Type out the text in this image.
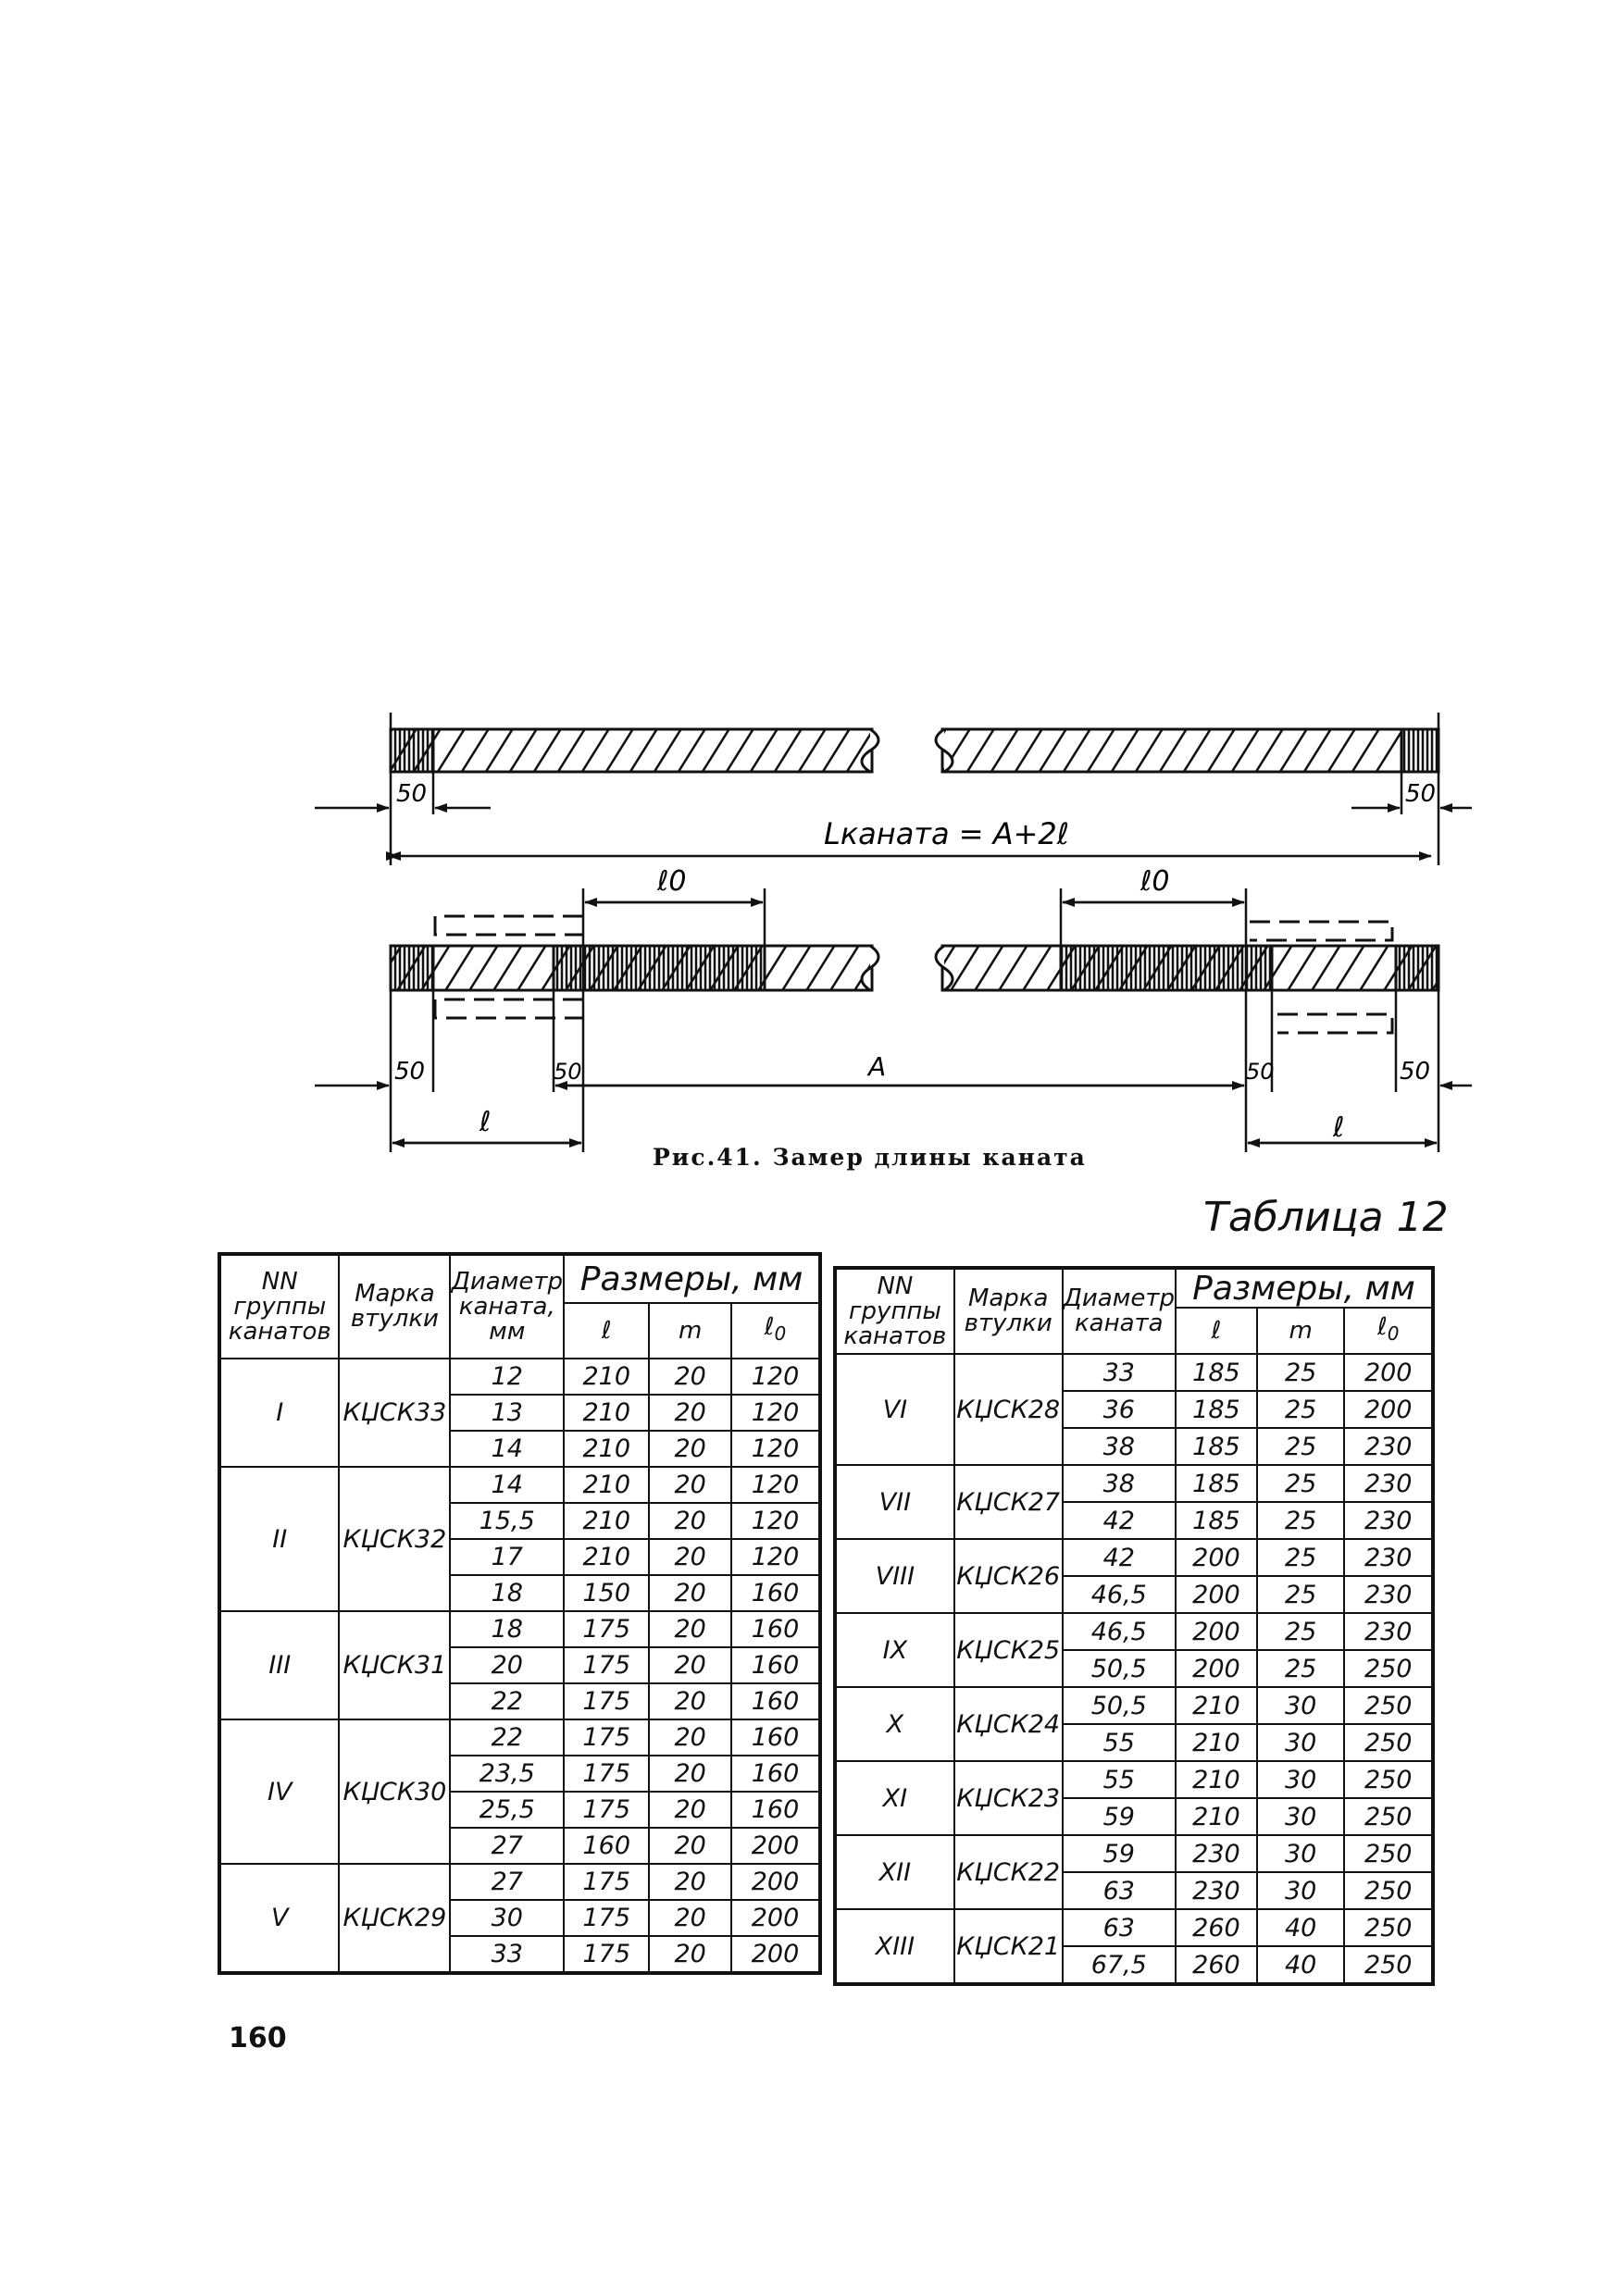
50	50
Lканата = A+2ℓ
ℓ0	ℓ0
50	50	50	50
A
ℓ	ℓ
Рис.41. Замер длины каната
Таблица 12
NN группы канатов	Марка втулки	Диаметр каната, мм	Размеры, мм		
			ℓ	m	ℓ$_0$
I	КЏСК33	12	210	20	120
		13	210	20	120
		14	210	20	120
II	КЏСК32	14	210	20	120
		15,5	210	20	120
		17	210	20	120
		18	150	20	160
III	КЏСК31	18	175	20	160
		20	175	20	160
		22	175	20	160
IV	КЏСК30	22	175	20	160
		23,5	175	20	160
		25,5	175	20	160
		27	160	20	200
V	КЏСК29	27	175	20	200
		30	175	20	200
		33	175	20	200
NN группы канатов	Марка втулки	Диаметр каната	Размеры, мм		
			ℓ	m	ℓ$_0$
VI	КЏСК28	33	185	25	200
		36	185	25	200
		38	185	25	230
VII	КЏСК27	38	185	25	230
		42	185	25	230
VIII	КЏСК26	42	200	25	230
		46,5	200	25	230
IX	КЏСК25	46,5	200	25	230
		50,5	200	25	250
X	КЏСК24	50,5	210	30	250
		55	210	30	250
XI	КЏСК23	55	210	30	250
		59	210	30	250
XII	КЏСК22	59	230	30	250
		63	230	30	250
XIII	КЏСК21	63	260	40	250
		67,5	260	40	250
160
